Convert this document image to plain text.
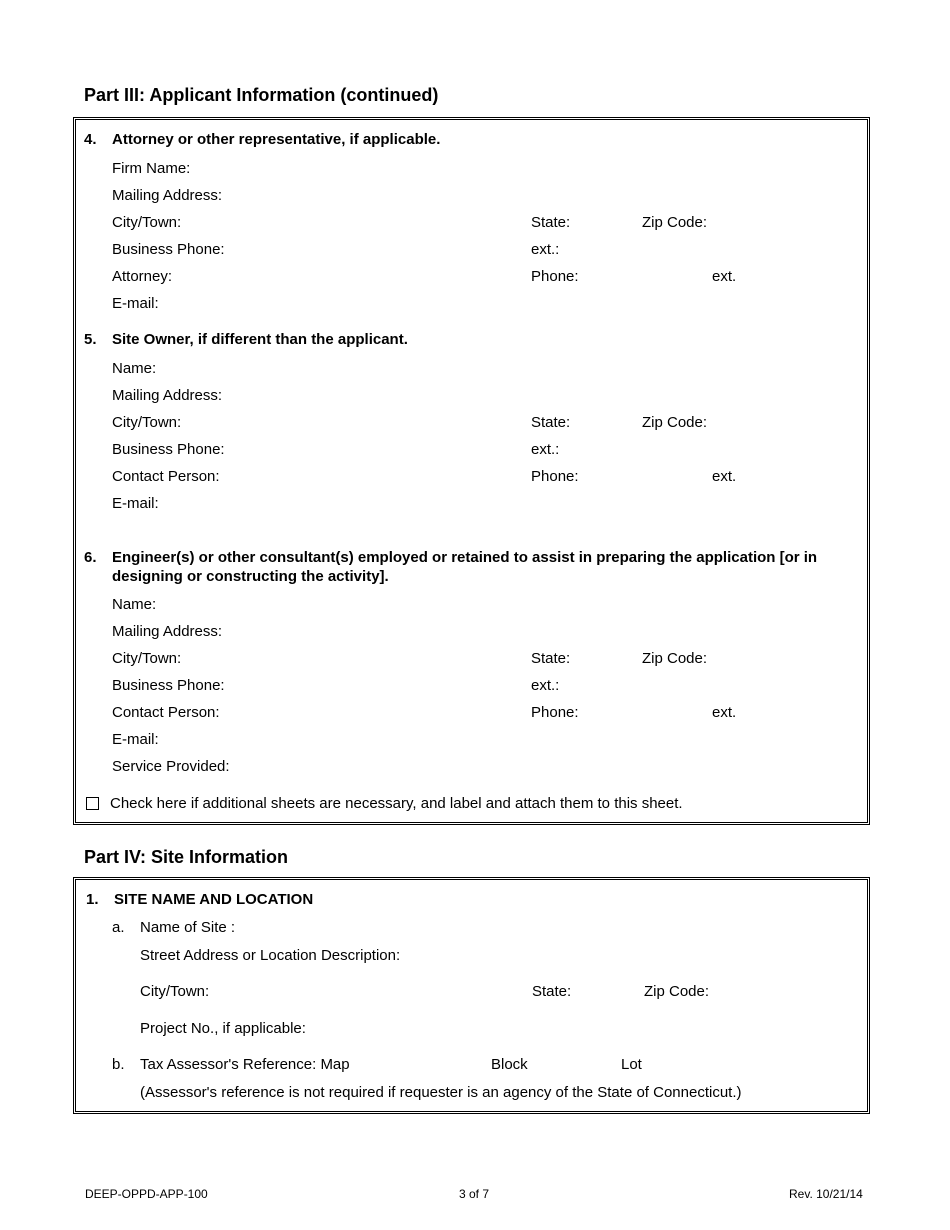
Part III: Applicant Information (continued)
4. Attorney or other representative, if applicable.
Firm Name:
Mailing Address:
City/Town:	State:	Zip Code:
Business Phone:	ext.:
Attorney:	Phone:	ext.
E-mail:
5. Site Owner, if different than the applicant.
Name:
Mailing Address:
City/Town:	State:	Zip Code:
Business Phone:	ext.:
Contact Person:	Phone:	ext.
E-mail:
6. Engineer(s) or other consultant(s) employed or retained to assist in preparing the application [or in
designing or constructing the activity].
Name:
Mailing Address:
City/Town:	State:	Zip Code:
Business Phone:	ext.:
Contact Person:	Phone:	ext.
E-mail:
Service Provided:
Check here if additional sheets are necessary, and label and attach them to this sheet.
Part IV: Site Information
1. SITE NAME AND LOCATION
a. Name of Site :
Street Address or Location Description:
City/Town:	State:	Zip Code:
Project No., if applicable:
b. Tax Assessor's Reference: Map	Block	Lot
(Assessor's reference is not required if requester is an agency of the State of Connecticut.)
DEEP-OPPD-APP-100	3 of 7	Rev. 10/21/14
